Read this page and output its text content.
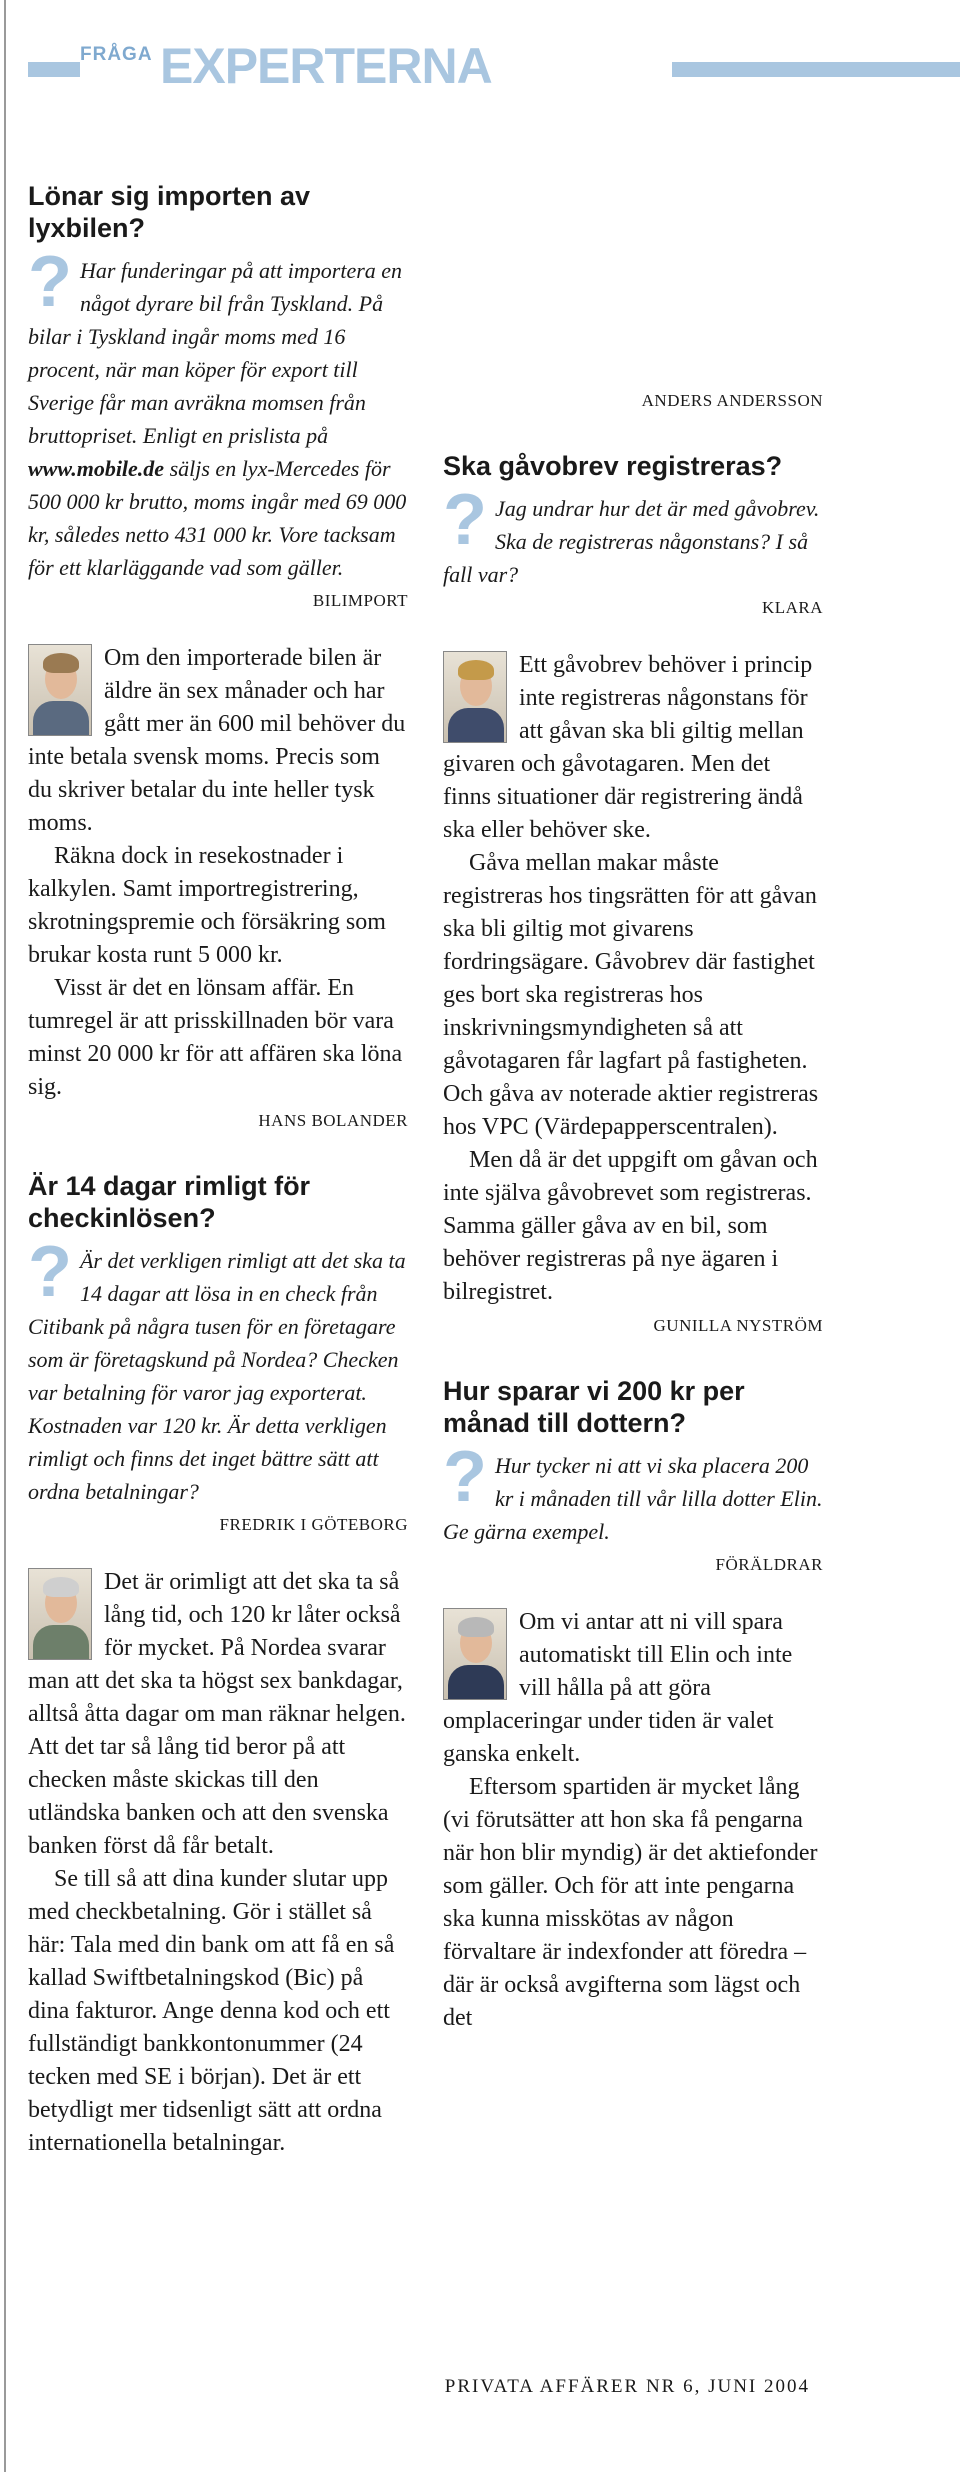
FRÅGA EXPERTERNA
Lönar sig importen av lyxbilen?

? Har funderingar på att importera en något dyrare bil från Tyskland. På bilar i Tyskland ingår moms med 16 procent, när man köper för export till Sverige får man avräkna momsen från bruttopriset. Enligt en prislista på www.mobile.de säljs en lyx-Mercedes för 500 000 kr brutto, moms ingår med 69 000 kr, således netto 431 000 kr. Vore tacksam för ett klarläggande vad som gäller.

BILIMPORT

Om den importerade bilen är äldre än sex månader och har gått mer än 600 mil behöver du inte betala svensk moms. Precis som du skriver betalar du inte heller tysk moms.

Räkna dock in resekostnader i kalkylen. Samt importregistrering, skrotningspremie och försäkring som brukar kosta runt 5 000 kr.

Visst är det en lönsam affär. En tumregel är att prisskillnaden bör vara minst 20 000 kr för att affären ska löna sig.

HANS BOLANDER

Är 14 dagar rimligt för checkinlösen?

? Är det verkligen rimligt att det ska ta 14 dagar att lösa in en check från Citibank på några tusen för en företagare som är företagskund på Nordea? Checken var betalning för varor jag exporterat. Kostnaden var 120 kr. Är detta verkligen rimligt och finns det inget bättre sätt att ordna betalningar?

FREDRIK I GÖTEBORG

Det är orimligt att det ska ta så lång tid, och 120 kr låter också för mycket. På Nordea svarar man att det ska ta högst sex bankdagar, alltså åtta dagar om man räknar helgen. Att det tar så lång tid beror på att checken måste skickas till den utländska banken och att den svenska banken först då får betalt.

Se till så att dina kunder slutar upp med checkbetalning. Gör i stället så här: Tala med din bank om att få en så kallad Swiftbetalningskod (Bic) på dina fakturor. Ange denna kod och ett fullständigt bankkontonummer (24 tecken med SE i början). Det är ett betydligt mer tidsenligt sätt att ordna internationella betalningar.

ANDERS ANDERSSON

Ska gåvobrev registreras?

? Jag undrar hur det är med gåvobrev. Ska de registreras någonstans? I så fall var?

KLARA

Ett gåvobrev behöver i princip inte registreras någonstans för att gåvan ska bli giltig mellan givaren och gåvotagaren. Men det finns situationer där registrering ändå ska eller behöver ske.

Gåva mellan makar måste registreras hos tingsrätten för att gåvan ska bli giltig mot givarens fordringsägare. Gåvobrev där fastighet ges bort ska registreras hos inskrivningsmyndigheten så att gåvotagaren får lagfart på fastigheten. Och gåva av noterade aktier registreras hos VPC (Värdepapperscentralen).

Men då är det uppgift om gåvan och inte själva gåvobrevet som registreras. Samma gäller gåva av en bil, som behöver registreras på nye ägaren i bilregistret.

GUNILLA NYSTRÖM

Hur sparar vi 200 kr per månad till dottern?

? Hur tycker ni att vi ska placera 200 kr i månaden till vår lilla dotter Elin. Ge gärna exempel.

FÖRÄLDRAR

Om vi antar att ni vill spara automatiskt till Elin och inte vill hålla på att göra omplaceringar under tiden är valet ganska enkelt.

Eftersom spartiden är mycket lång (vi förutsätter att hon ska få pengarna när hon blir myndig) är det aktiefonder som gäller. Och för att inte pengarna ska kunna misskötas av någon förvaltare är indexfonder att föredra – där är också avgifterna som lägst och det

PRIVATA AFFÄRER NR 6, JUNI 2004
